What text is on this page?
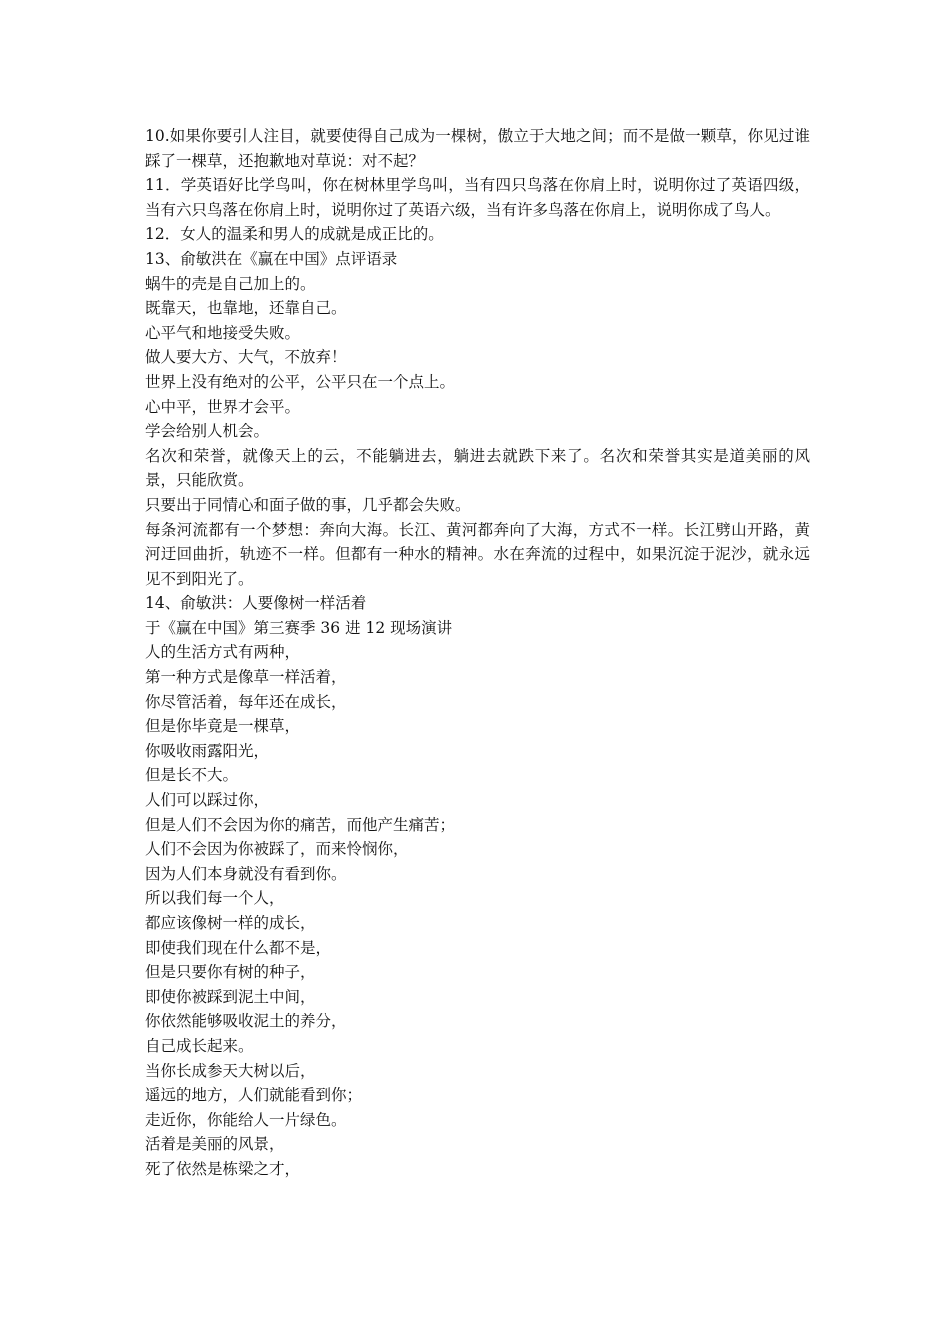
10.如果你要引人注目，就要使得自己成为一棵树，傲立于大地之间；而不是做一颗草，你见过谁踩了一棵草，还抱歉地对草说：对不起？

11．学英语好比学鸟叫，你在树林里学鸟叫，当有四只鸟落在你肩上时，说明你过了英语四级，当有六只鸟落在你肩上时，说明你过了英语六级，当有许多鸟落在你肩上，说明你成了鸟人。

12．女人的温柔和男人的成就是成正比的。

13、俞敏洪在《赢在中国》点评语录

蜗牛的壳是自己加上的。

既靠天，也靠地，还靠自己。

心平气和地接受失败。

做人要大方、大气，不放弃！

世界上没有绝对的公平，公平只在一个点上。

心中平，世界才会平。

学会给别人机会。

名次和荣誉，就像天上的云，不能躺进去，躺进去就跌下来了。名次和荣誉其实是道美丽的风景，只能欣赏。

只要出于同情心和面子做的事，几乎都会失败。

每条河流都有一个梦想：奔向大海。长江、黄河都奔向了大海，方式不一样。长江劈山开路，黄河迂回曲折，轨迹不一样。但都有一种水的精神。水在奔流的过程中，如果沉淀于泥沙，就永远见不到阳光了。

14、俞敏洪：人要像树一样活着

于《赢在中国》第三赛季 36 进 12 现场演讲

人的生活方式有两种，

第一种方式是像草一样活着，

你尽管活着，每年还在成长，

但是你毕竟是一棵草，

你吸收雨露阳光，

但是长不大。

人们可以踩过你，

但是人们不会因为你的痛苦，而他产生痛苦；

人们不会因为你被踩了，而来怜悯你，

因为人们本身就没有看到你。

所以我们每一个人，

都应该像树一样的成长，

即使我们现在什么都不是，

但是只要你有树的种子，

即使你被踩到泥土中间，

你依然能够吸收泥土的养分，

自己成长起来。

当你长成参天大树以后，

遥远的地方，人们就能看到你；

走近你，你能给人一片绿色。

活着是美丽的风景，

死了依然是栋梁之才，
